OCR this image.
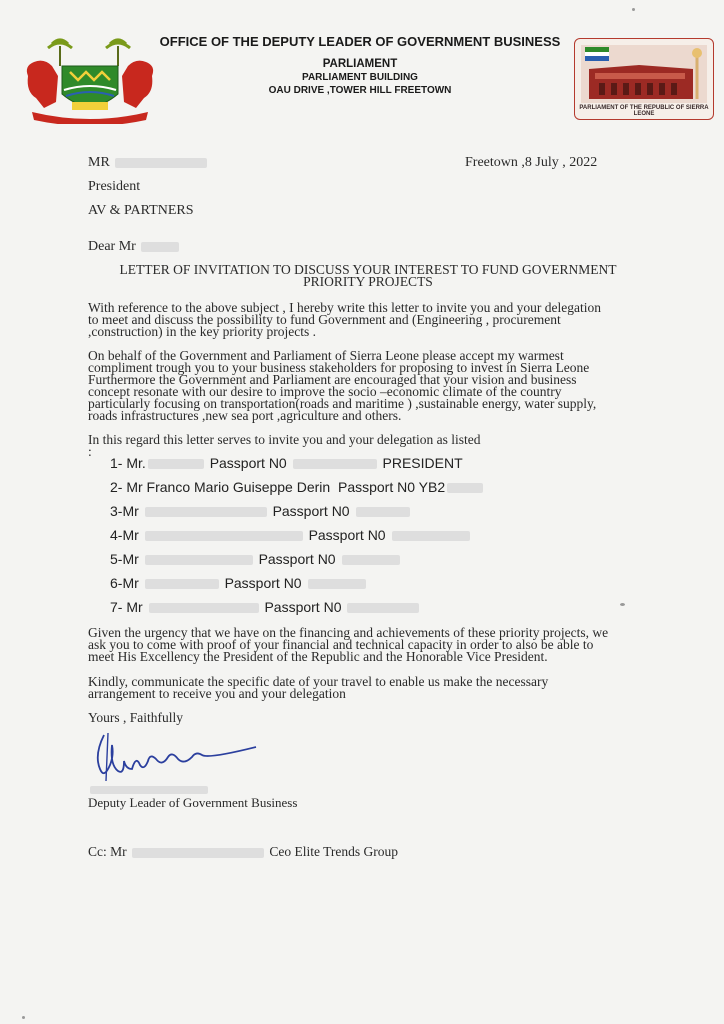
OFFICE OF THE DEPUTY LEADER OF GOVERNMENT BUSINESS
PARLIAMENT
PARLIAMENT BUILDING
OAU DRIVE ,TOWER HILL FREETOWN
PARLIAMENT OF THE REPUBLIC OF SIERRA LEONE
MR	Freetown ,8 July , 2022
President
AV & PARTNERS
Dear Mr
LETTER OF INVITATION TO DISCUSS YOUR INTEREST TO FUND GOVERNMENT
PRIORITY PROJECTS
With reference to the above subject , I hereby write this letter to invite you and your delegation
to meet and discuss the possibility to fund Government and (Engineering , procurement
,construction) in the key priority projects .
On behalf of the Government and Parliament of Sierra Leone please accept my warmest
compliment trough you to your business stakeholders for proposing to invest in Sierra Leone
Furthermore the Government and Parliament are encouraged that your vision and business
concept resonate with our desire to improve the socio –economic climate of the country
particularly focusing on transportation(roads and maritime ) ,sustainable energy, water supply,
roads infrastructures ,new sea port ,agriculture and others.
In this regard this letter serves to invite you and your delegation as listed
:
1- Mr.	Passport N0	PRESIDENT
2- Mr Franco Mario Guiseppe Derin Passport N0 YB2
3-Mr	Passport N0
4-Mr	Passport N0
5-Mr	Passport N0
6-Mr	Passport N0
7- Mr	Passport N0
Given the urgency that we have on the financing and achievements of these priority projects, we
ask you to come with proof of your financial and technical capacity in order to also be able to
meet His Excellency the President of the Republic and the Honorable Vice President.
Kindly, communicate the specific date of your travel to enable us make the necessary
arrangement to receive you and your delegation
Yours , Faithfully
Deputy Leader of Government Business
Cc: Mr	Ceo Elite Trends Group
